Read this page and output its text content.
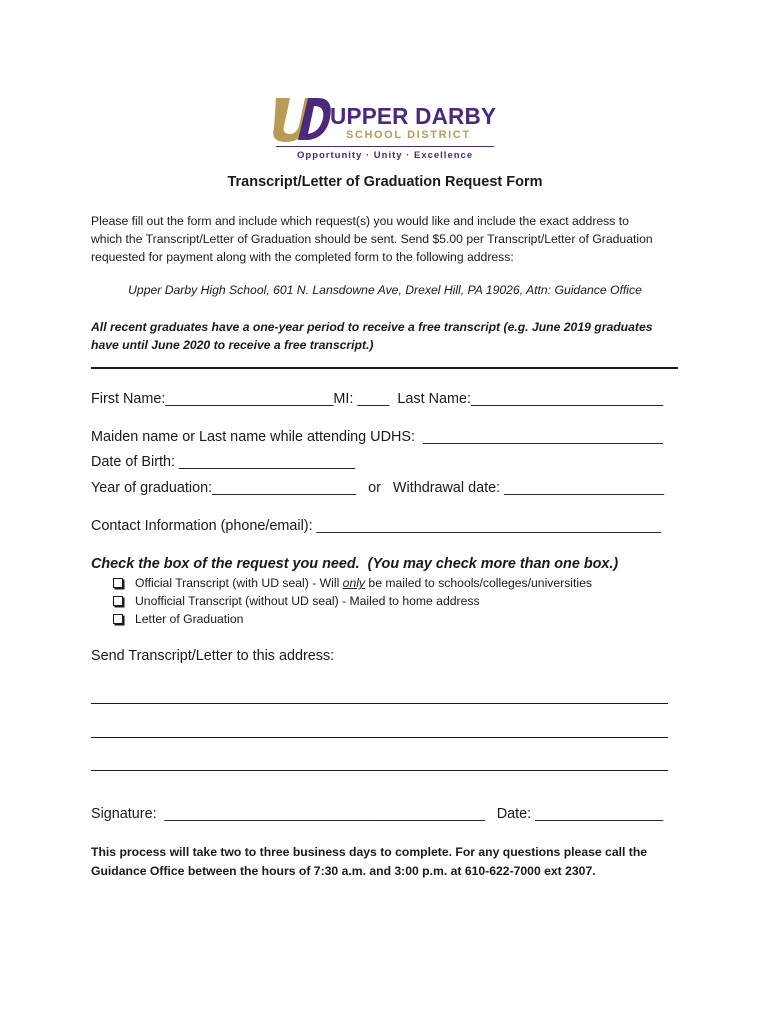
UPPER DARBY
SCHOOL DISTRICT
Opportunity · Unity · Excellence
Transcript/Letter of Graduation Request Form
Please fill out the form and include which request(s) you would like and include the exact address to
which the Transcript/Letter of Graduation should be sent. Send $5.00 per Transcript/Letter of Graduation
requested for payment along with the completed form to the following address:
Upper Darby High School, 601 N. Lansdowne Ave, Drexel Hill, PA 19026, Attn: Guidance Office
All recent graduates have a one-year period to receive a free transcript (e.g. June 2019 graduates
have until June 2020 to receive a free transcript.)
First Name:_____________________MI: ____  Last Name:________________________
Maiden name or Last name while attending UDHS:  ______________________________
Date of Birth: ______________________
Year of graduation:__________________   or   Withdrawal date: ____________________
Contact Information (phone/email): ___________________________________________
Check the box of the request you need.  (You may check more than one box.)
Official Transcript (with UD seal) - Will only be mailed to schools/colleges/universities
Unofficial Transcript (without UD seal) - Mailed to home address
Letter of Graduation
Send Transcript/Letter to this address:
Signature:  ________________________________________   Date: ________________
This process will take two to three business days to complete. For any questions please call the
Guidance Office between the hours of 7:30 a.m. and 3:00 p.m. at 610-622-7000 ext 2307.
